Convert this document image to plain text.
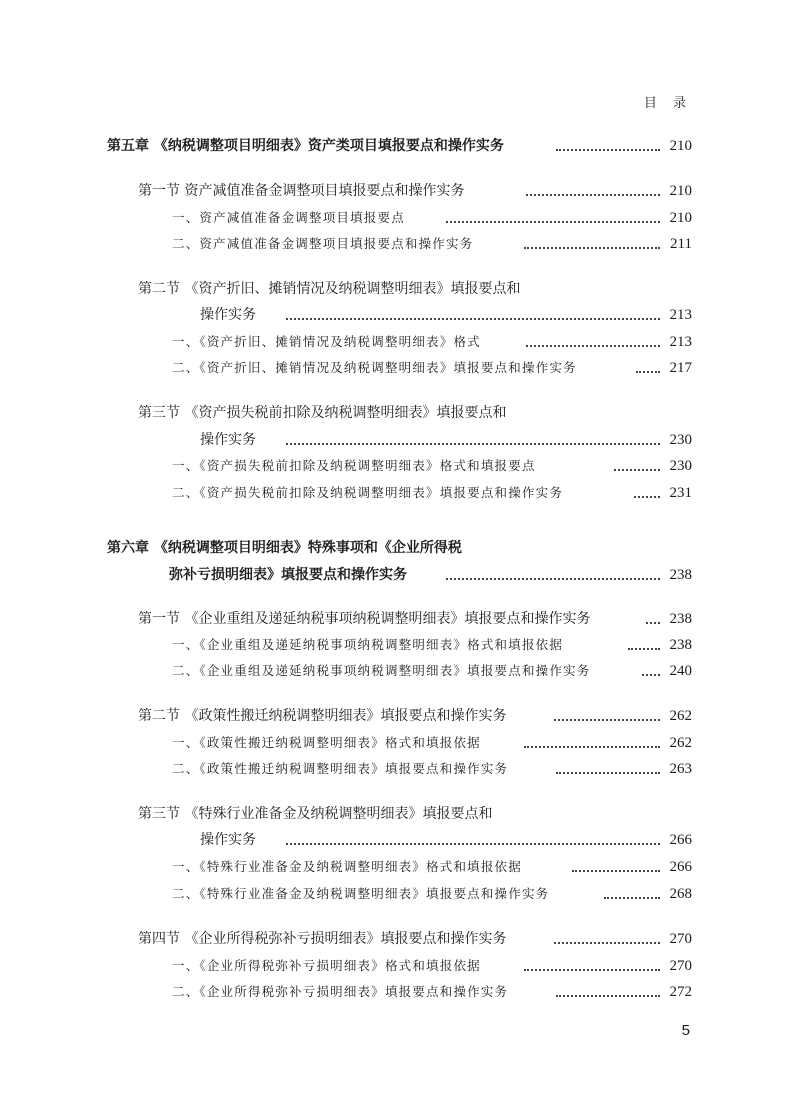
目 录
第五章 《纳税调整项目明细表》资产类项目填报要点和操作实务	210
第一节 资产减值准备金调整项目填报要点和操作实务	210
一、资产减值准备金调整项目填报要点	210
二、资产减值准备金调整项目填报要点和操作实务	211
第二节 《资产折旧、摊销情况及纳税调整明细表》填报要点和
操作实务	213
一、《资产折旧、摊销情况及纳税调整明细表》格式	213
二、《资产折旧、摊销情况及纳税调整明细表》填报要点和操作实务	217
第三节 《资产损失税前扣除及纳税调整明细表》填报要点和
操作实务	230
一、《资产损失税前扣除及纳税调整明细表》格式和填报要点	230
二、《资产损失税前扣除及纳税调整明细表》填报要点和操作实务	231
第六章 《纳税调整项目明细表》特殊事项和《企业所得税
弥补亏损明细表》填报要点和操作实务	238
第一节 《企业重组及递延纳税事项纳税调整明细表》填报要点和操作实务	238
一、《企业重组及递延纳税事项纳税调整明细表》格式和填报依据	238
二、《企业重组及递延纳税事项纳税调整明细表》填报要点和操作实务	240
第二节 《政策性搬迁纳税调整明细表》填报要点和操作实务	262
一、《政策性搬迁纳税调整明细表》格式和填报依据	262
二、《政策性搬迁纳税调整明细表》填报要点和操作实务	263
第三节 《特殊行业准备金及纳税调整明细表》填报要点和
操作实务	266
一、《特殊行业准备金及纳税调整明细表》格式和填报依据	266
二、《特殊行业准备金及纳税调整明细表》填报要点和操作实务	268
第四节 《企业所得税弥补亏损明细表》填报要点和操作实务	270
一、《企业所得税弥补亏损明细表》格式和填报依据	270
二、《企业所得税弥补亏损明细表》填报要点和操作实务	272
5
